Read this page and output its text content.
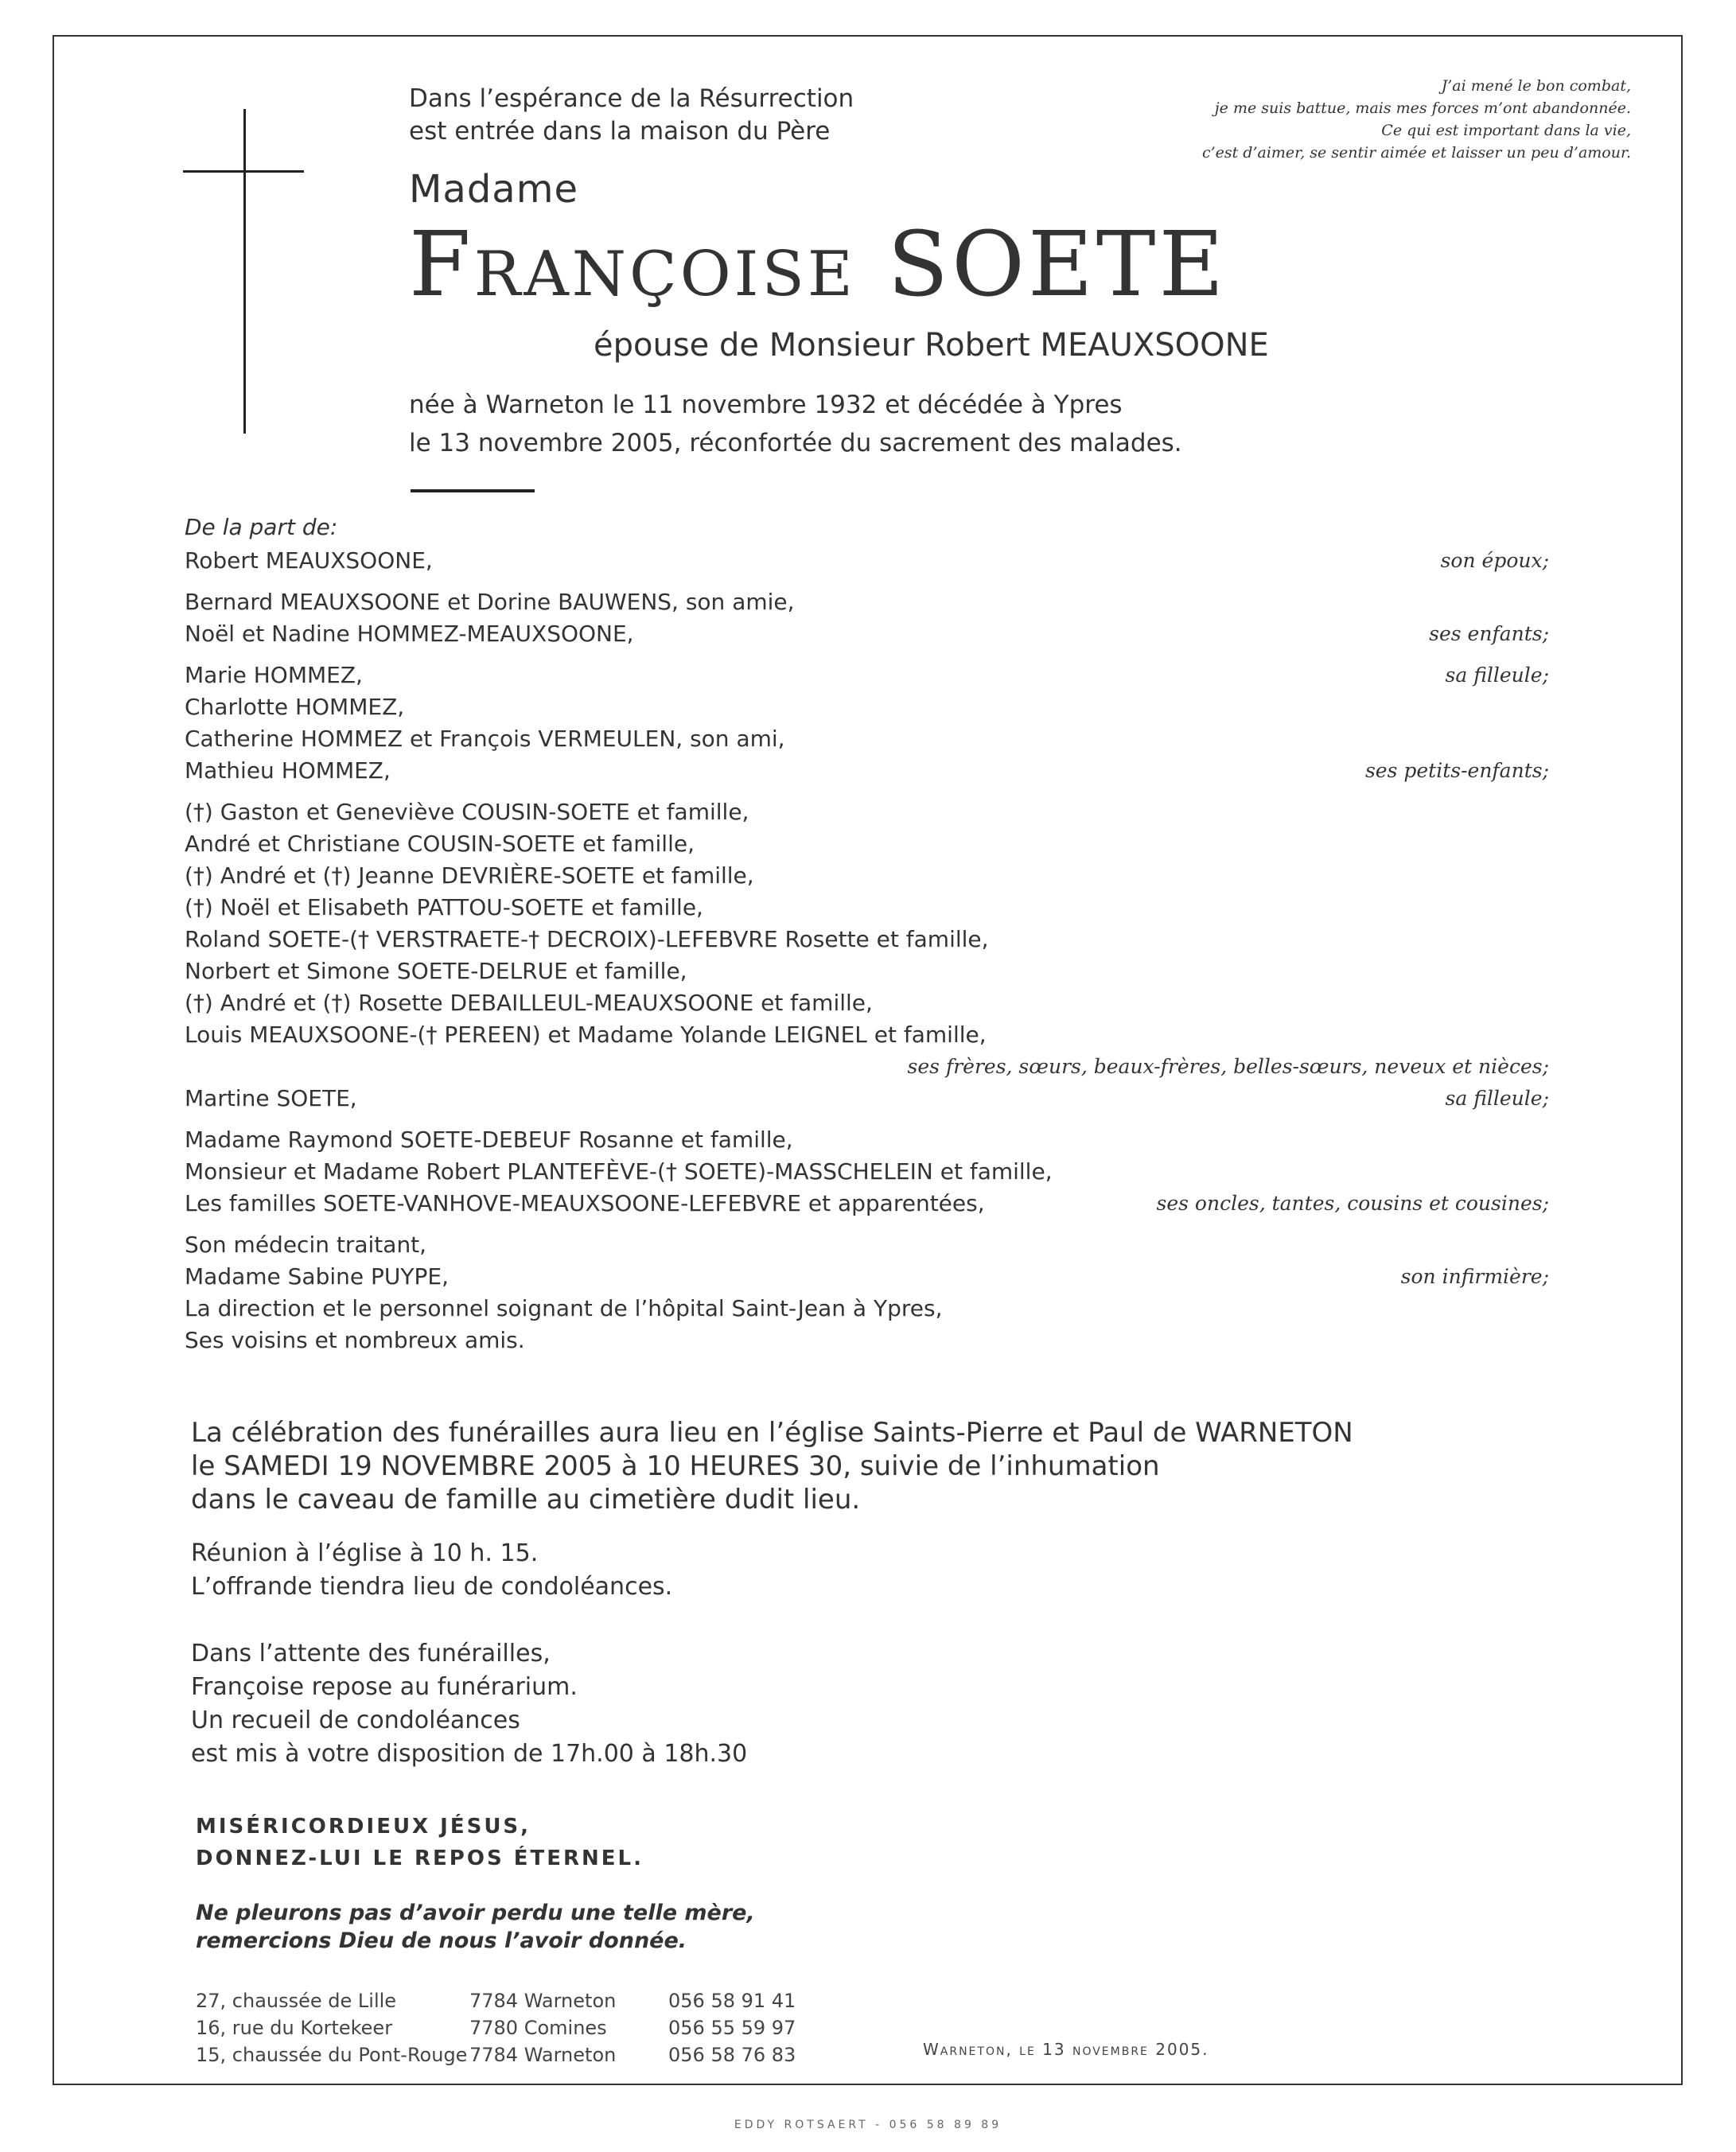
Dans l’espérance de la Résurrection
est entrée dans la maison du Père
J’ai mené le bon combat,
je me suis battue, mais mes forces m’ont abandonnée.
Ce qui est important dans la vie,
c’est d’aimer, se sentir aimée et laisser un peu d’amour.
Madame
Françoise SOETE
épouse de Monsieur Robert MEAUXSOONE
née à Warneton le 11 novembre 1932 et décédée à Ypres
le 13 novembre 2005, réconfortée du sacrement des malades.
De la part de:
Robert MEAUXSOONE,	son époux;
Bernard MEAUXSOONE et Dorine BAUWENS, son amie,
Noël et Nadine HOMMEZ-MEAUXSOONE,	ses enfants;
Marie HOMMEZ,	sa filleule;
Charlotte HOMMEZ,
Catherine HOMMEZ et François VERMEULEN, son ami,
Mathieu HOMMEZ,	ses petits-enfants;
(†) Gaston et Geneviève COUSIN-SOETE et famille,
André et Christiane COUSIN-SOETE et famille,
(†) André et (†) Jeanne DEVRIÈRE-SOETE et famille,
(†) Noël et Elisabeth PATTOU-SOETE et famille,
Roland SOETE-(† VERSTRAETE-† DECROIX)-LEFEBVRE Rosette et famille,
Norbert et Simone SOETE-DELRUE et famille,
(†) André et (†) Rosette DEBAILLEUL-MEAUXSOONE et famille,
Louis MEAUXSOONE-(† PEREEN) et Madame Yolande LEIGNEL et famille,
ses frères, sœurs, beaux-frères, belles-sœurs, neveux et nièces;
Martine SOETE,	sa filleule;
Madame Raymond SOETE-DEBEUF Rosanne et famille,
Monsieur et Madame Robert PLANTEFÈVE-(† SOETE)-MASSCHELEIN et famille,
Les familles SOETE-VANHOVE-MEAUXSOONE-LEFEBVRE et apparentées,	ses oncles, tantes, cousins et cousines;
Son médecin traitant,
Madame Sabine PUYPE,	son infirmière;
La direction et le personnel soignant de l’hôpital Saint-Jean à Ypres,
Ses voisins et nombreux amis.
La célébration des funérailles aura lieu en l’église Saints-Pierre et Paul de WARNETON
le SAMEDI 19 NOVEMBRE 2005 à 10 HEURES 30, suivie de l’inhumation
dans le caveau de famille au cimetière dudit lieu.
Réunion à l’église à 10 h. 15.
L’offrande tiendra lieu de condoléances.
Dans l’attente des funérailles,
Françoise repose au funérarium.
Un recueil de condoléances
est mis à votre disposition de 17h.00 à 18h.30
MISÉRICORDIEUX JÉSUS,
DONNEZ-LUI LE REPOS ÉTERNEL.
Ne pleurons pas d’avoir perdu une telle mère,
remercions Dieu de nous l’avoir donnée.
27, chaussée de Lille	7784 Warneton	056 58 91 41
16, rue du Kortekeer	7780 Comines	056 55 59 97
15, chaussée du Pont-Rouge 7784 Warneton	056 58 76 83	Warneton, le 13 novembre 2005.
EDDY ROTSAERT - 056 58 89 89
